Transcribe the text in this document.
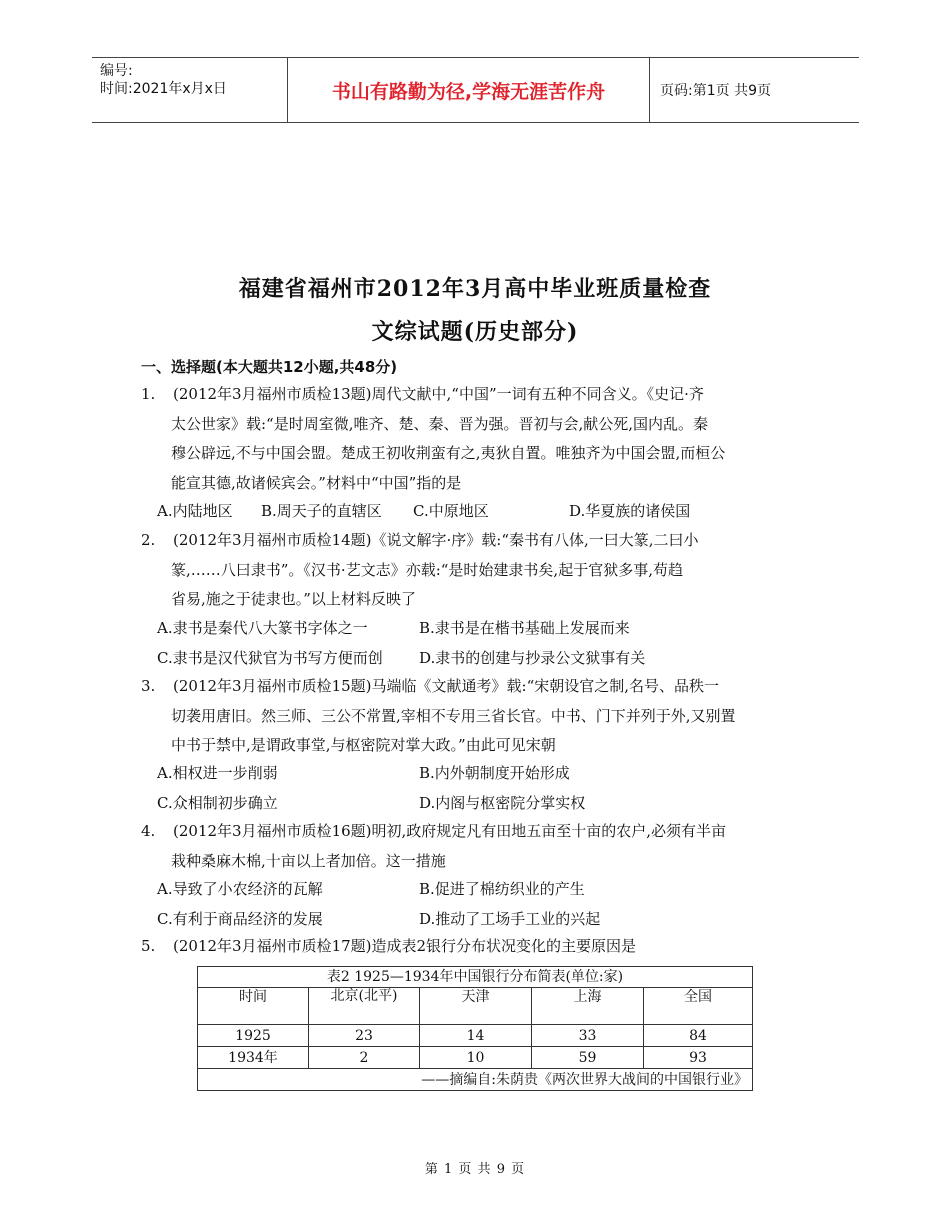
编号:
时间:2021年x月x日	书山有路勤为径,学海无涯苦作舟	页码:第1页 共9页
福建省福州市2012年3月高中毕业班质量检查
文综试题(历史部分)
一、选择题(本大题共12小题,共48分)
1.	(2012年3月福州市质检13题)周代文献中,“中国”一词有五种不同含义。《史记·齐
太公世家》载:“是时周室微,唯齐、楚、秦、晋为强。晋初与会,献公死,国内乱。秦
穆公辟远,不与中国会盟。楚成王初收荆蛮有之,夷狄自置。唯独齐为中国会盟,而桓公
能宣其德,故诸候宾会。”材料中“中国”指的是
A.内陆地区	B.周天子的直辖区	C.中原地区	D.华夏族的诸侯国
2.	(2012年3月福州市质检14题)《说文解字·序》载:“秦书有八体,一曰大篆,二曰小
篆,……八曰隶书”。《汉书·艺文志》亦载:“是时始建隶书矣,起于官狱多事,苟趋
省易,施之于徒隶也。”以上材料反映了
A.隶书是秦代八大篆书字体之一	B.隶书是在楷书基础上发展而来
C.隶书是汉代狱官为书写方便而创	D.隶书的创建与抄录公文狱事有关
3.	(2012年3月福州市质检15题)马端临《文献通考》载:“宋朝设官之制,名号、品秩一
切袭用唐旧。然三师、三公不常置,宰相不专用三省长官。中书、门下并列于外,又别置
中书于禁中,是谓政事堂,与枢密院对掌大政。”由此可见宋朝
A.相权进一步削弱	B.内外朝制度开始形成
C.众相制初步确立	D.内阁与枢密院分掌实权
4.	(2012年3月福州市质检16题)明初,政府规定凡有田地五亩至十亩的农户,必须有半亩
栽种桑麻木棉,十亩以上者加倍。这一措施
A.导致了小农经济的瓦解	B.促进了棉纺织业的产生
C.有利于商品经济的发展	D.推动了工场手工业的兴起
5.	(2012年3月福州市质检17题)造成表2银行分布状况变化的主要原因是
表2 1925—1934年中国银行分布简表(单位:家)				
时间	北京(北平)	天津	上海	全国
1925	23	14	33	84
1934年	2	10	59	93
——摘编自:朱荫贵《两次世界大战间的中国银行业》				
第 1 页 共 9 页
